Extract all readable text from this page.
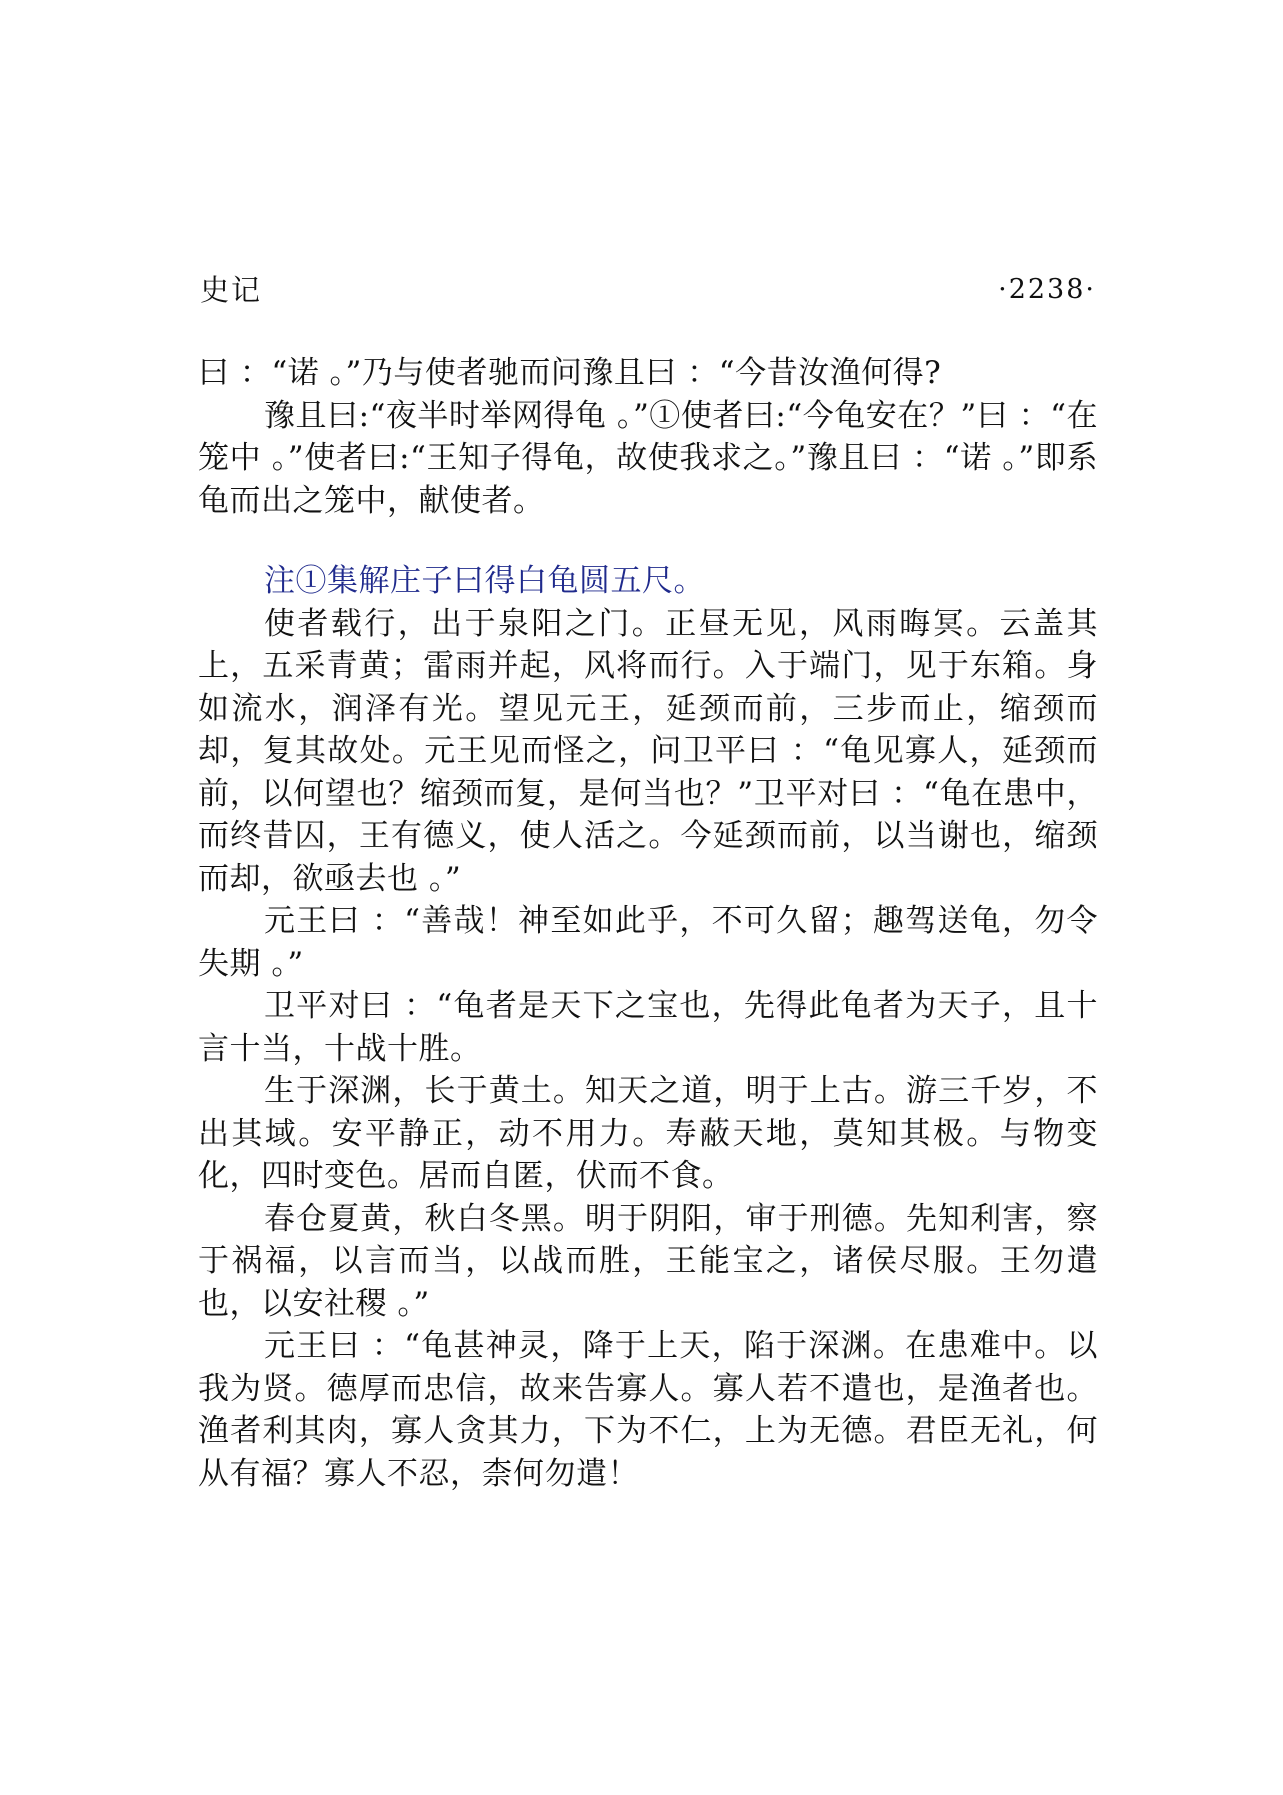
史记	·2238·

曰 ：“诺 。”乃与使者驰而问豫且曰 ：“今昔汝渔何得?

豫且曰:“夜半时举网得龟 。”①使者曰:“今龟安在？”曰 ：“在笼中 。”使者曰:“王知子得龟，故使我求之。”豫且曰 ：“诺 。”即系龟而出之笼中，献使者。

注①集解庄子曰得白龟圆五尺。

使者载行，出于泉阳之门。正昼无见，风雨晦冥。云盖其上，五采青黄；雷雨并起，风将而行。入于端门，见于东箱。身如流水，润泽有光。望见元王，延颈而前，三步而止，缩颈而却，复其故处。元王见而怪之，问卫平曰 ：“龟见寡人，延颈而前，以何望也？缩颈而复，是何当也？”卫平对曰 ：“龟在患中，而终昔囚，王有德义，使人活之。今延颈而前，以当谢也，缩颈而却，欲亟去也 。”

元王曰 ：“善哉！神至如此乎，不可久留；趣驾送龟，勿令失期 。”

卫平对曰 ：“龟者是天下之宝也，先得此龟者为天子，且十言十当，十战十胜。

生于深渊，长于黄土。知天之道，明于上古。游三千岁，不出其域。安平静正，动不用力。寿蔽天地，莫知其极。与物变化，四时变色。居而自匿，伏而不食。

春仓夏黄，秋白冬黑。明于阴阳，审于刑德。先知利害，察于祸福，以言而当，以战而胜，王能宝之，诸侯尽服。王勿遣也，以安社稷 。”

元王曰 ：“龟甚神灵，降于上天，陷于深渊。在患难中。以我为贤。德厚而忠信，故来告寡人。寡人若不遣也，是渔者也。渔者利其肉，寡人贪其力，下为不仁，上为无德。君臣无礼，何从有福？寡人不忍，柰何勿遣！
